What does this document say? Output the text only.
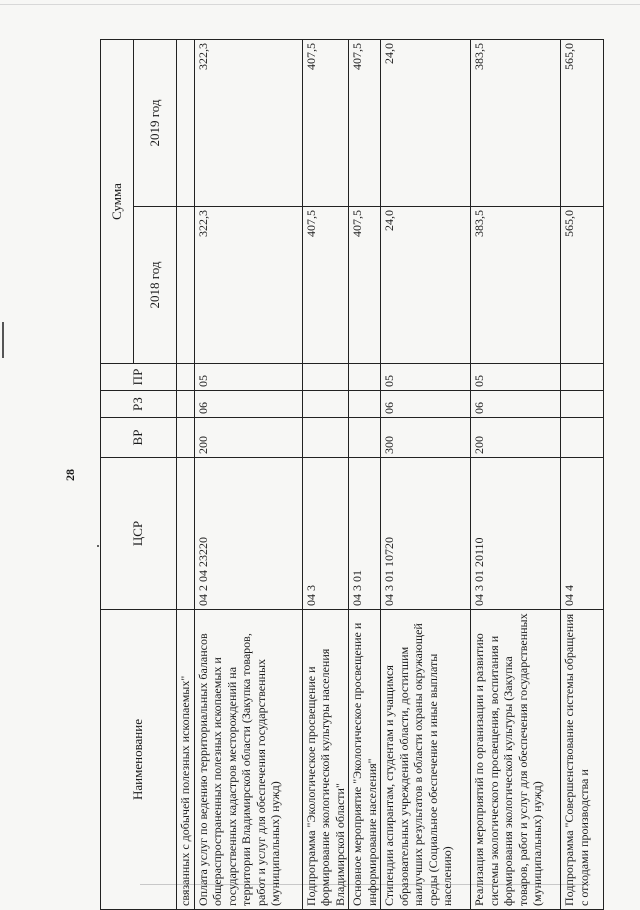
28
Наименование	ЦСР	ВР	РЗ	ПР	Сумма	
					2018 год	2019 год
связанных с добычей полезных ископаемых"						
Оплата услуг по ведению территориальных балансов общераспространенных полезных ископаемых и государственных кадастров месторождений на территории Владимирской области (Закупка товаров, работ и услуг для обеспечения государственных (муниципальных) нужд)	04 2 04 23220	200	06	05	322,3	322,3
Подпрограмма "Экологическое просвещение и формирование экологической культуры населения Владимирской области"	04 3				407,5	407,5
Основное мероприятие "Экологическое просвещение и информирование населения"	04 3 01				407,5	407,5
Стипендии аспирантам, студентам и учащимся образовательных учреждений области, достигшим наилучших результатов в области охраны окружающей среды (Социальное обеспечение и иные выплаты населению)	04 3 01 10720	300	06	05	24,0	24,0
Реализация мероприятий по организации и развитию системы экологического просвещения, воспитания и формирования экологической культуры (Закупка товаров, работ и услуг для обеспечения государственных (муниципальных) нужд)	04 3 01 20110	200	06	05	383,5	383,5
Подпрограмма "Совершенствование системы обращения с отходами производства и	04 4				565,0	565,0
